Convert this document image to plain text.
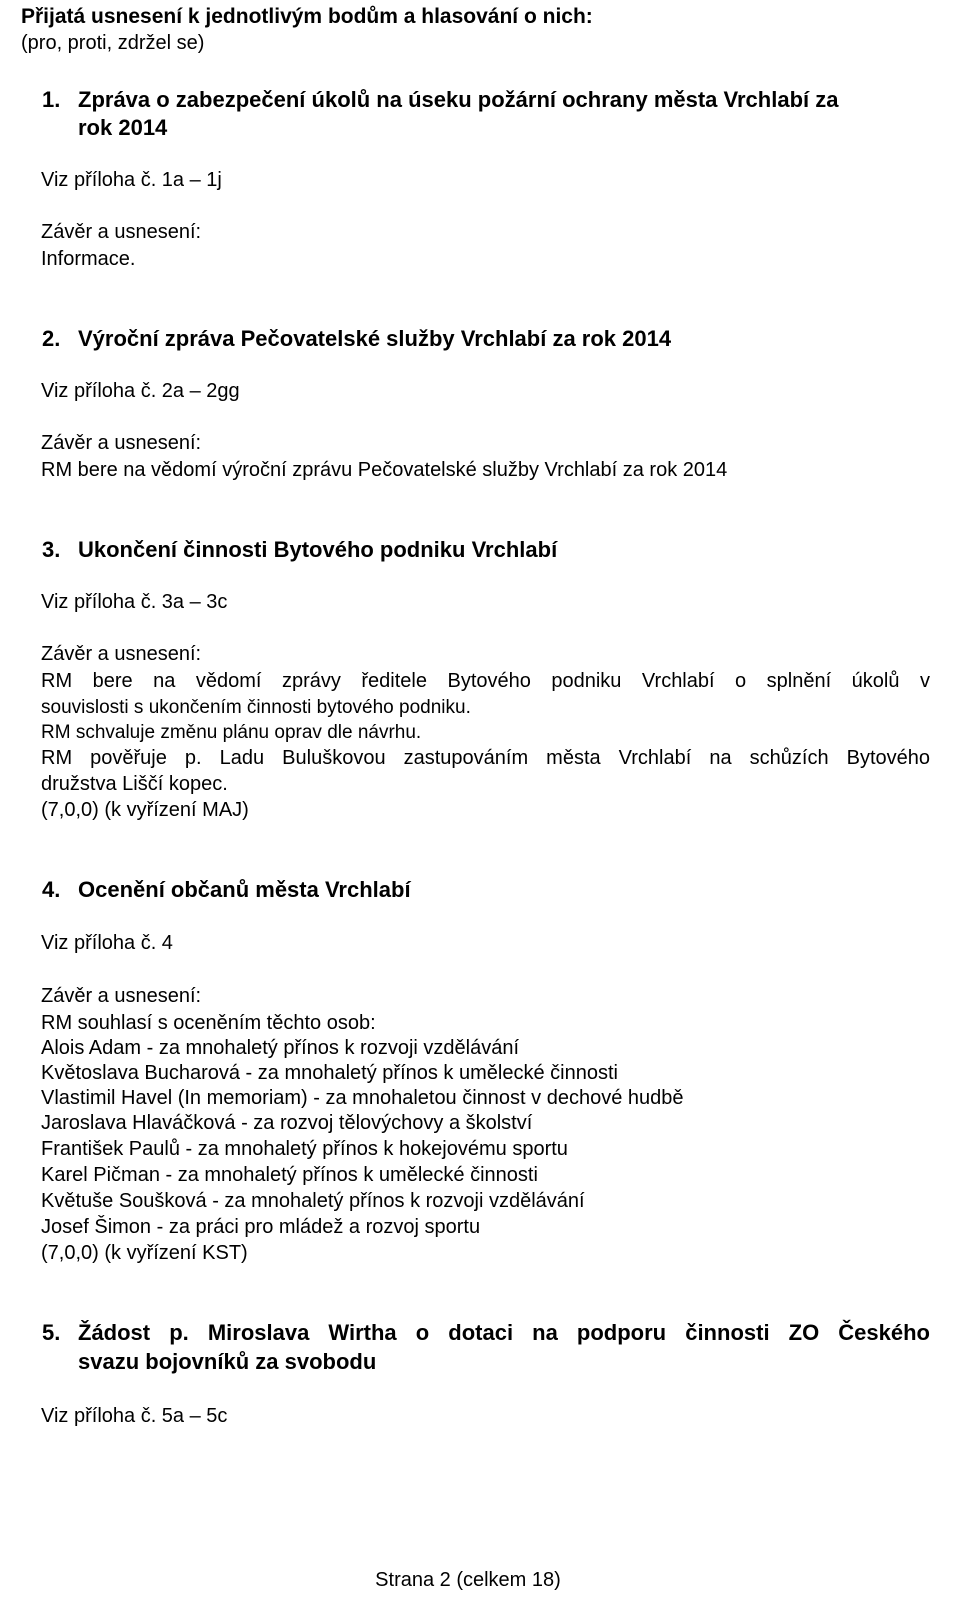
Přijatá usnesení k jednotlivým bodům a hlasování o nich:
(pro, proti, zdržel se)
1. Zpráva o zabezpečení úkolů na úseku požární ochrany města Vrchlabí za
rok 2014
Viz příloha č. 1a – 1j
Závěr a usnesení:
Informace.
2. Výroční zpráva Pečovatelské služby Vrchlabí za rok 2014
Viz příloha č. 2a – 2gg
Závěr a usnesení:
RM bere na vědomí výroční zprávu Pečovatelské služby Vrchlabí za rok 2014
3. Ukončení činnosti Bytového podniku Vrchlabí
Viz příloha č. 3a – 3c
Závěr a usnesení:
RM bere na vědomí zprávy ředitele Bytového podniku Vrchlabí o splnění úkolů v
souvislosti s ukončením činnosti bytového podniku.
RM schvaluje změnu plánu oprav dle návrhu.
RM pověřuje p. Ladu Buluškovou zastupováním města Vrchlabí na schůzích Bytového
družstva Liščí kopec.
(7,0,0) (k vyřízení MAJ)
4. Ocenění občanů města Vrchlabí
Viz příloha č. 4
Závěr a usnesení:
RM souhlasí s oceněním těchto osob:
Alois Adam - za mnohaletý přínos k rozvoji vzdělávání
Květoslava Bucharová - za mnohaletý přínos k umělecké činnosti
Vlastimil Havel (In memoriam) - za mnohaletou činnost v dechové hudbě
Jaroslava Hlaváčková - za rozvoj tělovýchovy a školství
František Paulů - za mnohaletý přínos k hokejovému sportu
Karel Pičman - za mnohaletý přínos k umělecké činnosti
Květuše Soušková - za mnohaletý přínos k rozvoji vzdělávání
Josef Šimon - za práci pro mládež a rozvoj sportu
(7,0,0) (k vyřízení KST)
5. Žádost p. Miroslava Wirtha o dotaci na podporu činnosti ZO Českého
svazu bojovníků za svobodu
Viz příloha č. 5a – 5c
Strana 2 (celkem 18)
